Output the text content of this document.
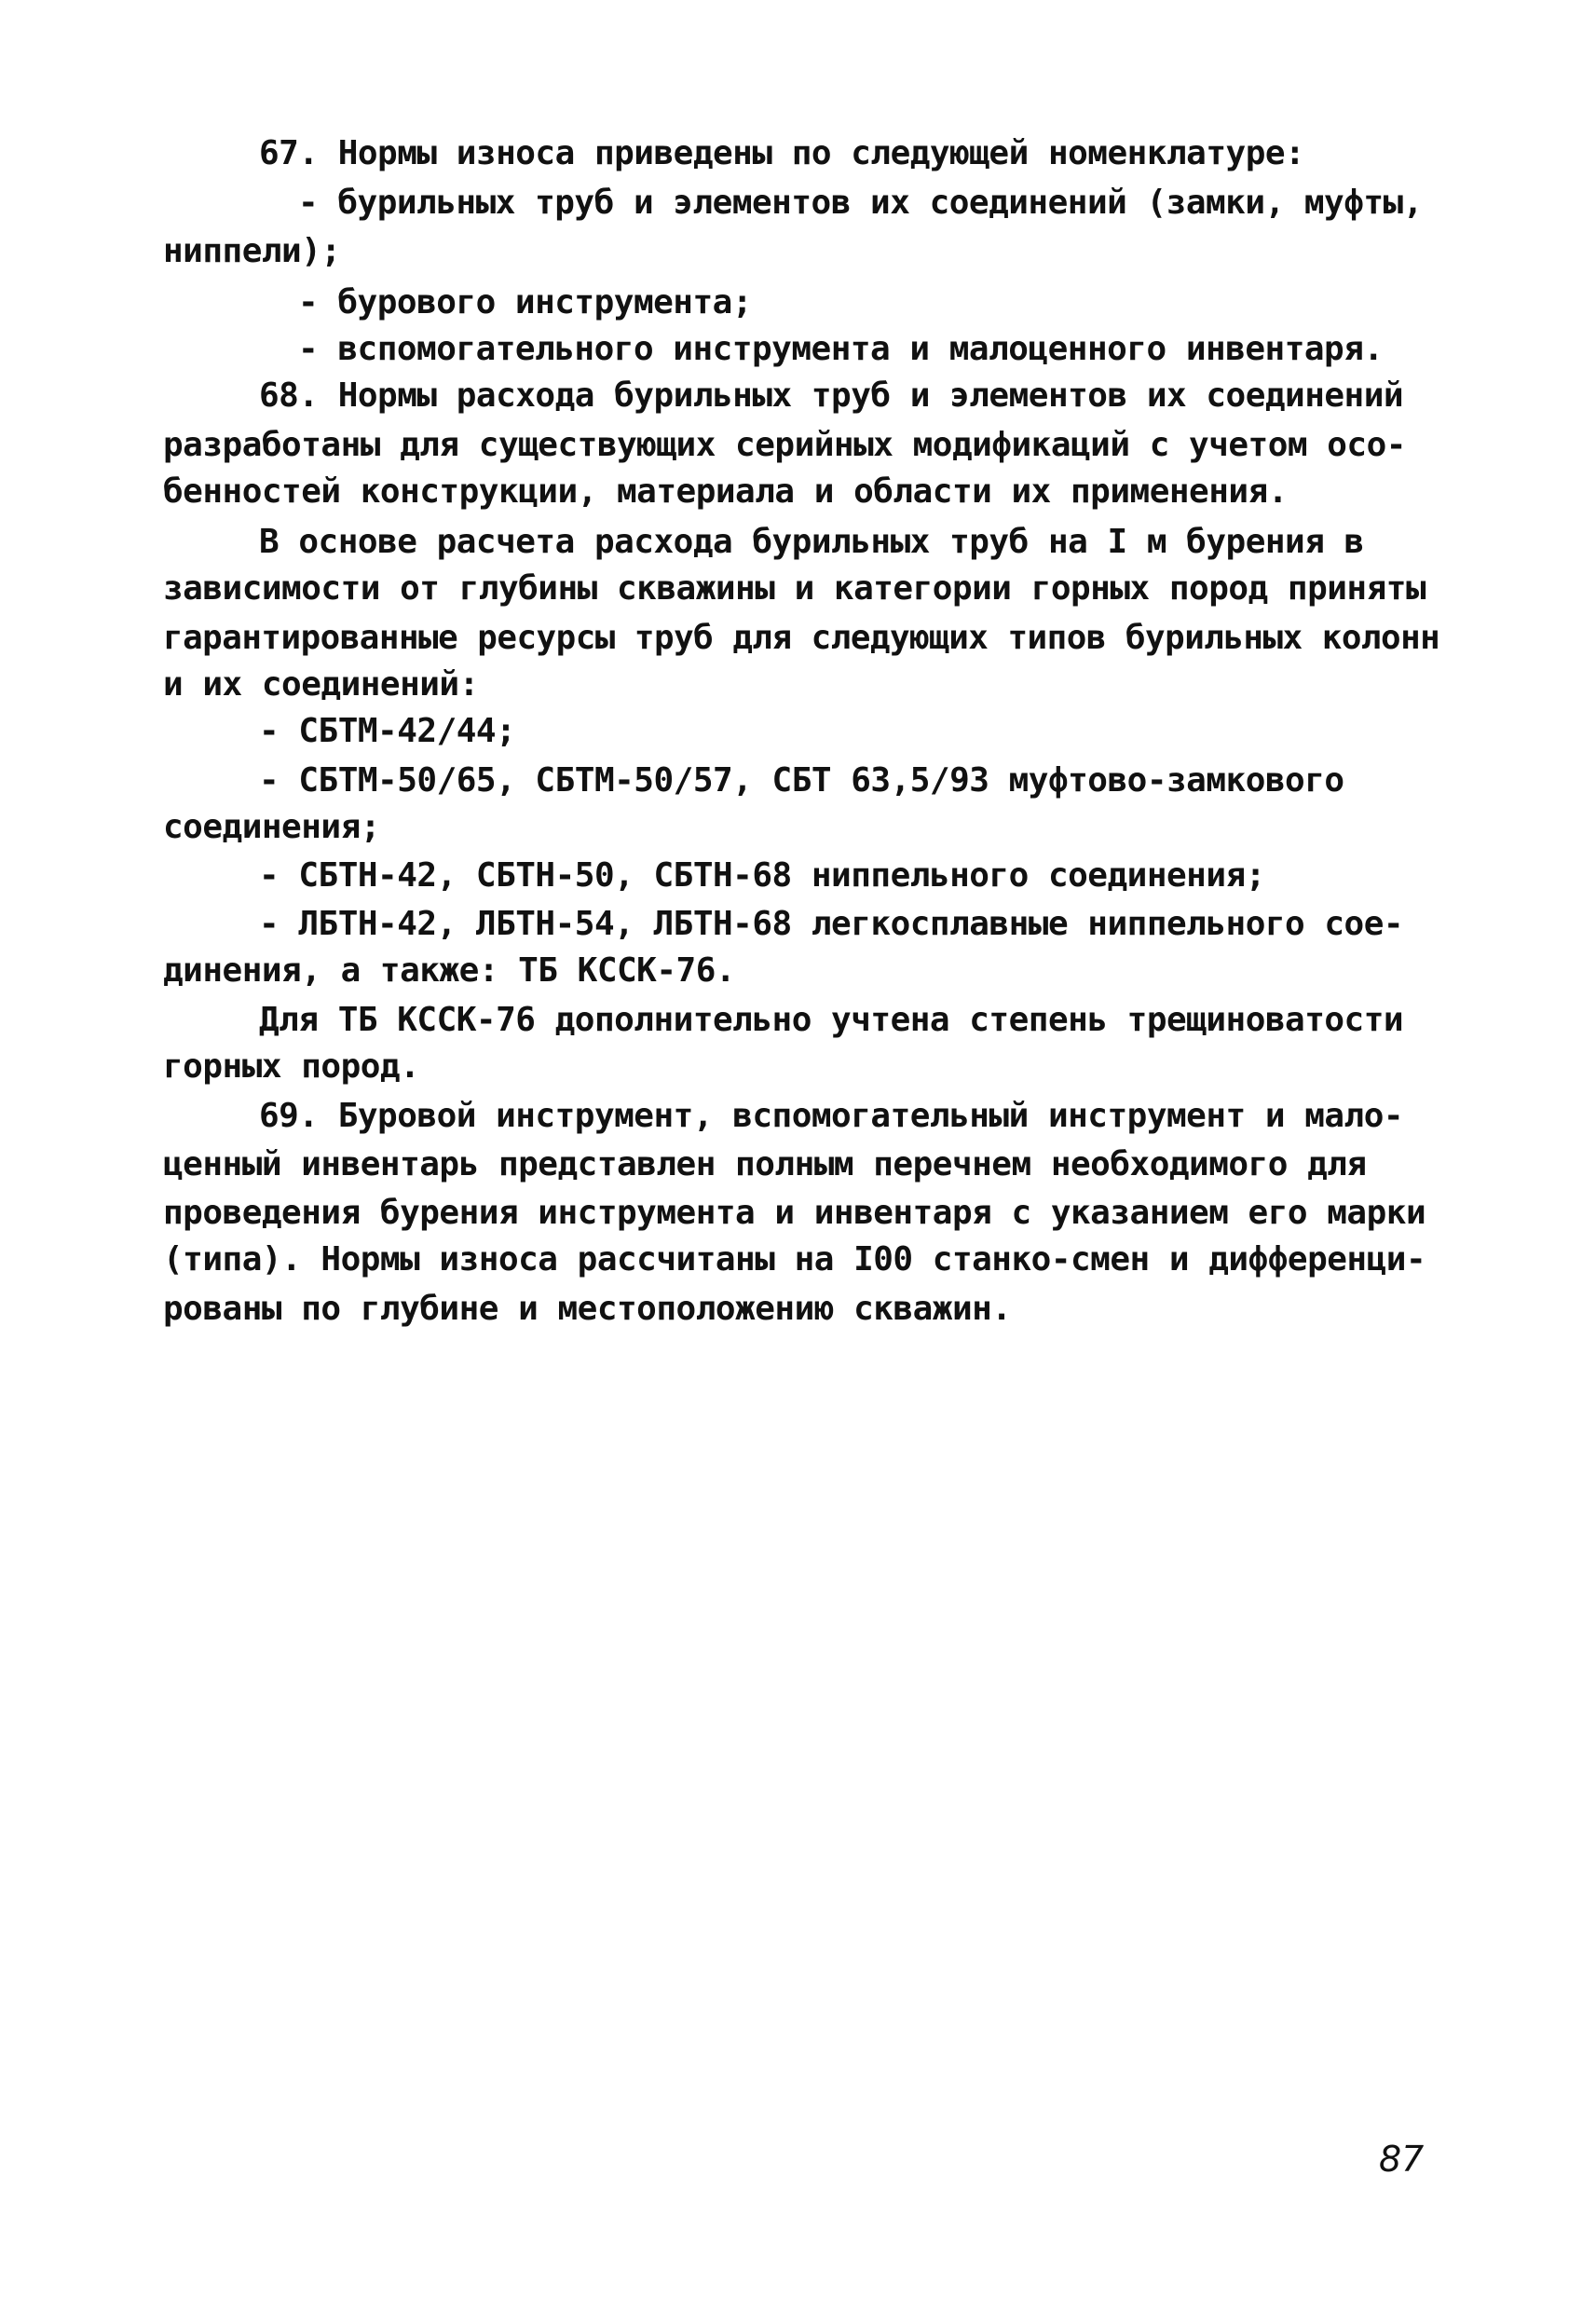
67. Нормы износа приведены по следующей номенклатуре:
- бурильных труб и элементов их соединений (замки, муфты,
ниппели);
- бурового инструмента;
- вспомогательного инструмента и малоценного инвентаря.
68. Нормы расхода бурильных труб и элементов их соединений
разработаны для существующих серийных модификаций с учетом осо-
бенностей конструкции, материала и области их применения.
В основе расчета расхода бурильных труб на I м бурения в
зависимости от глубины скважины и категории горных пород приняты
гарантированные ресурсы труб для следующих типов бурильных колонн
и их соединений:
- СБТМ-42/44;
- СБТМ-50/65, СБТМ-50/57, СБТ 63,5/93 муфтово-замкового
соединения;
- СБТН-42, СБТН-50, СБТН-68 ниппельного соединения;
- ЛБТН-42, ЛБТН-54, ЛБТН-68 легкосплавные ниппельного сое-
динения, а также: ТБ КССК-76.
Для ТБ КССК-76 дополнительно учтена степень трещиноватости
горных пород.
69. Буровой инструмент, вспомогательный инструмент и мало-
ценный инвентарь представлен полным перечнем необходимого для
проведения бурения инструмента и инвентаря с указанием его марки
(типа). Нормы износа рассчитаны на I00 станко-смен и дифференци-
рованы по глубине и местоположению скважин.
87
